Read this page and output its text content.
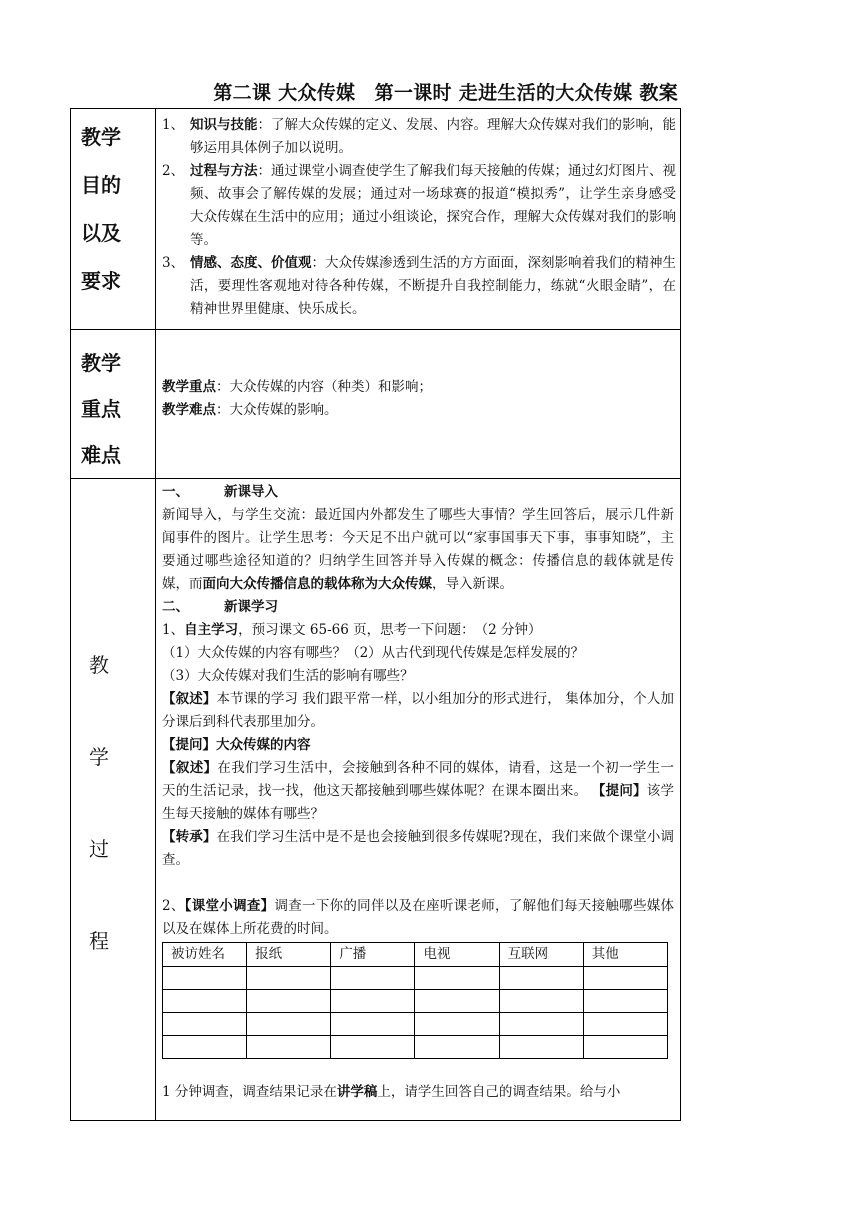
第二课 大众传媒　第一课时 走进生活的大众传媒 教案
教学
目的
以及
要求

1、 知识与技能：了解大众传媒的定义、发展、内容。理解大众传媒对我们的影响，能够运用具体例子加以说明。
2、 过程与方法：通过课堂小调查使学生了解我们每天接触的传媒；通过幻灯图片、视频、故事会了解传媒的发展；通过对一场球赛的报道“模拟秀”，让学生亲身感受大众传媒在生活中的应用；通过小组谈论，探究合作，理解大众传媒对我们的影响等。
3、 情感、态度、价值观：大众传媒渗透到生活的方方面面，深刻影响着我们的精神生活，要理性客观地对待各种传媒，不断提升自我控制能力，练就“火眼金睛”，在精神世界里健康、快乐成长。

教学
重点
难点

教学重点：大众传媒的内容（种类）和影响；
教学难点：大众传媒的影响。

教
学
过
程

一、	新课导入

新闻导入，与学生交流：最近国内外都发生了哪些大事情？学生回答后，展示几件新闻事件的图片。让学生思考：今天足不出户就可以“家事国事天下事，事事知晓”，主要通过哪些途径知道的？归纳学生回答并导入传媒的概念：传播信息的载体就是传媒，而面向大众传播信息的载体称为大众传媒，导入新课。

二、	新课学习

1、自主学习，预习课文 65-66 页，思考一下问题：　（2 分钟）

（1）大众传媒的内容有哪些？（2）从古代到现代传媒是怎样发展的？

（3）大众传媒对我们生活的影响有哪些？

【叙述】本节课的学习 我们跟平常一样，以小组加分的形式进行， 集体加分，个人加分课后到科代表那里加分。

【提问】大众传媒的内容

【叙述】在我们学习生活中，会接触到各种不同的媒体，请看，这是一个初一学生一天的生活记录，找一找，他这天都接触到哪些媒体呢？在课本圈出来。 【提问】该学生每天接触的媒体有哪些？

【转承】在我们学习生活中是不是也会接触到很多传媒呢?现在，我们来做个课堂小调查。

2、【课堂小调查】调查一下你的同伴以及在座听课老师，了解他们每天接触哪些媒体以及在媒体上所花费的时间。

被访姓名	报纸	广播	电视	互联网	其他

1 分钟调查，调查结果记录在讲学稿上，请学生回答自己的调查结果。给与小
